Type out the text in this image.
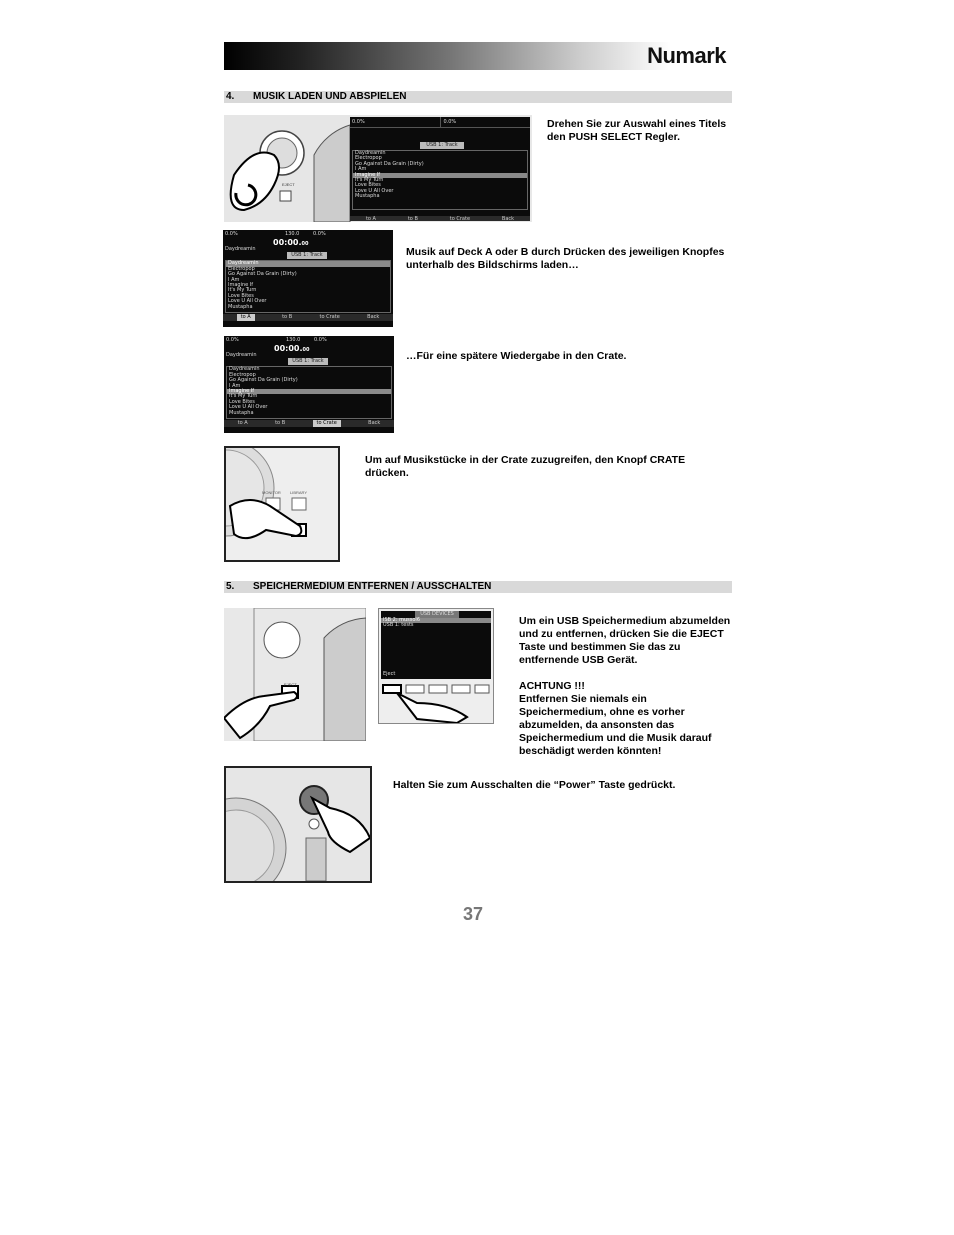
Numark
4. MUSIK LADEN UND ABSPIELEN
EJECT
0.0%	0.0%
USB 1: Track
Daydreamin
Electropop
Go Against Da Grain (Dirty)
I Am
Imagine If
It's My Turn
Love Bites
Love U All Over
Mustapha
to A	to B	to Crate	Back
Drehen Sie zur Auswahl eines Titels den PUSH SELECT Regler.
0.0%	130.0	0.0%
00:00.00
Daydreamin
USB 1: Track
Daydreamin
Electropop
Go Against Da Grain (Dirty)
I Am
Imagine If
It's My Turn
Love Bites
Love U All Over
Mustapha
to A	to B	to Crate	Back
Musik auf Deck A oder B durch Drücken des jeweiligen Knopfes unterhalb des Bildschirms laden…
0.0%	130.0	0.0%
00:00.00
Daydreamin
USB 1: Track
Daydreamin
Electropop
Go Against Da Grain (Dirty)
I Am
Imagine If
It's My Turn
Love Bites
Love U All Over
Mustapha
to A	to B	to Crate	Back
…Für eine spätere Wiedergabe in den Crate.
MONITOR LIBRARY
Um auf Musikstücke in der Crate zuzugreifen, den Knopf CRATE drücken.
5. SPEICHERMEDIUM ENTFERNEN / AUSSCHALTEN
EJECT
USB DEVICES
ISB 2: mussol6
USB 1: tests
Eject
Um ein USB Speichermedium abzumelden und zu entfernen, drücken Sie die EJECT Taste und bestimmen Sie das zu entfernende USB Gerät.
ACHTUNG !!!
Entfernen Sie niemals ein Speichermedium, ohne es vorher abzumelden, da ansonsten das Speichermedium und die Musik darauf beschädigt werden könnten!
Halten Sie zum Ausschalten die “Power” Taste gedrückt.
37
